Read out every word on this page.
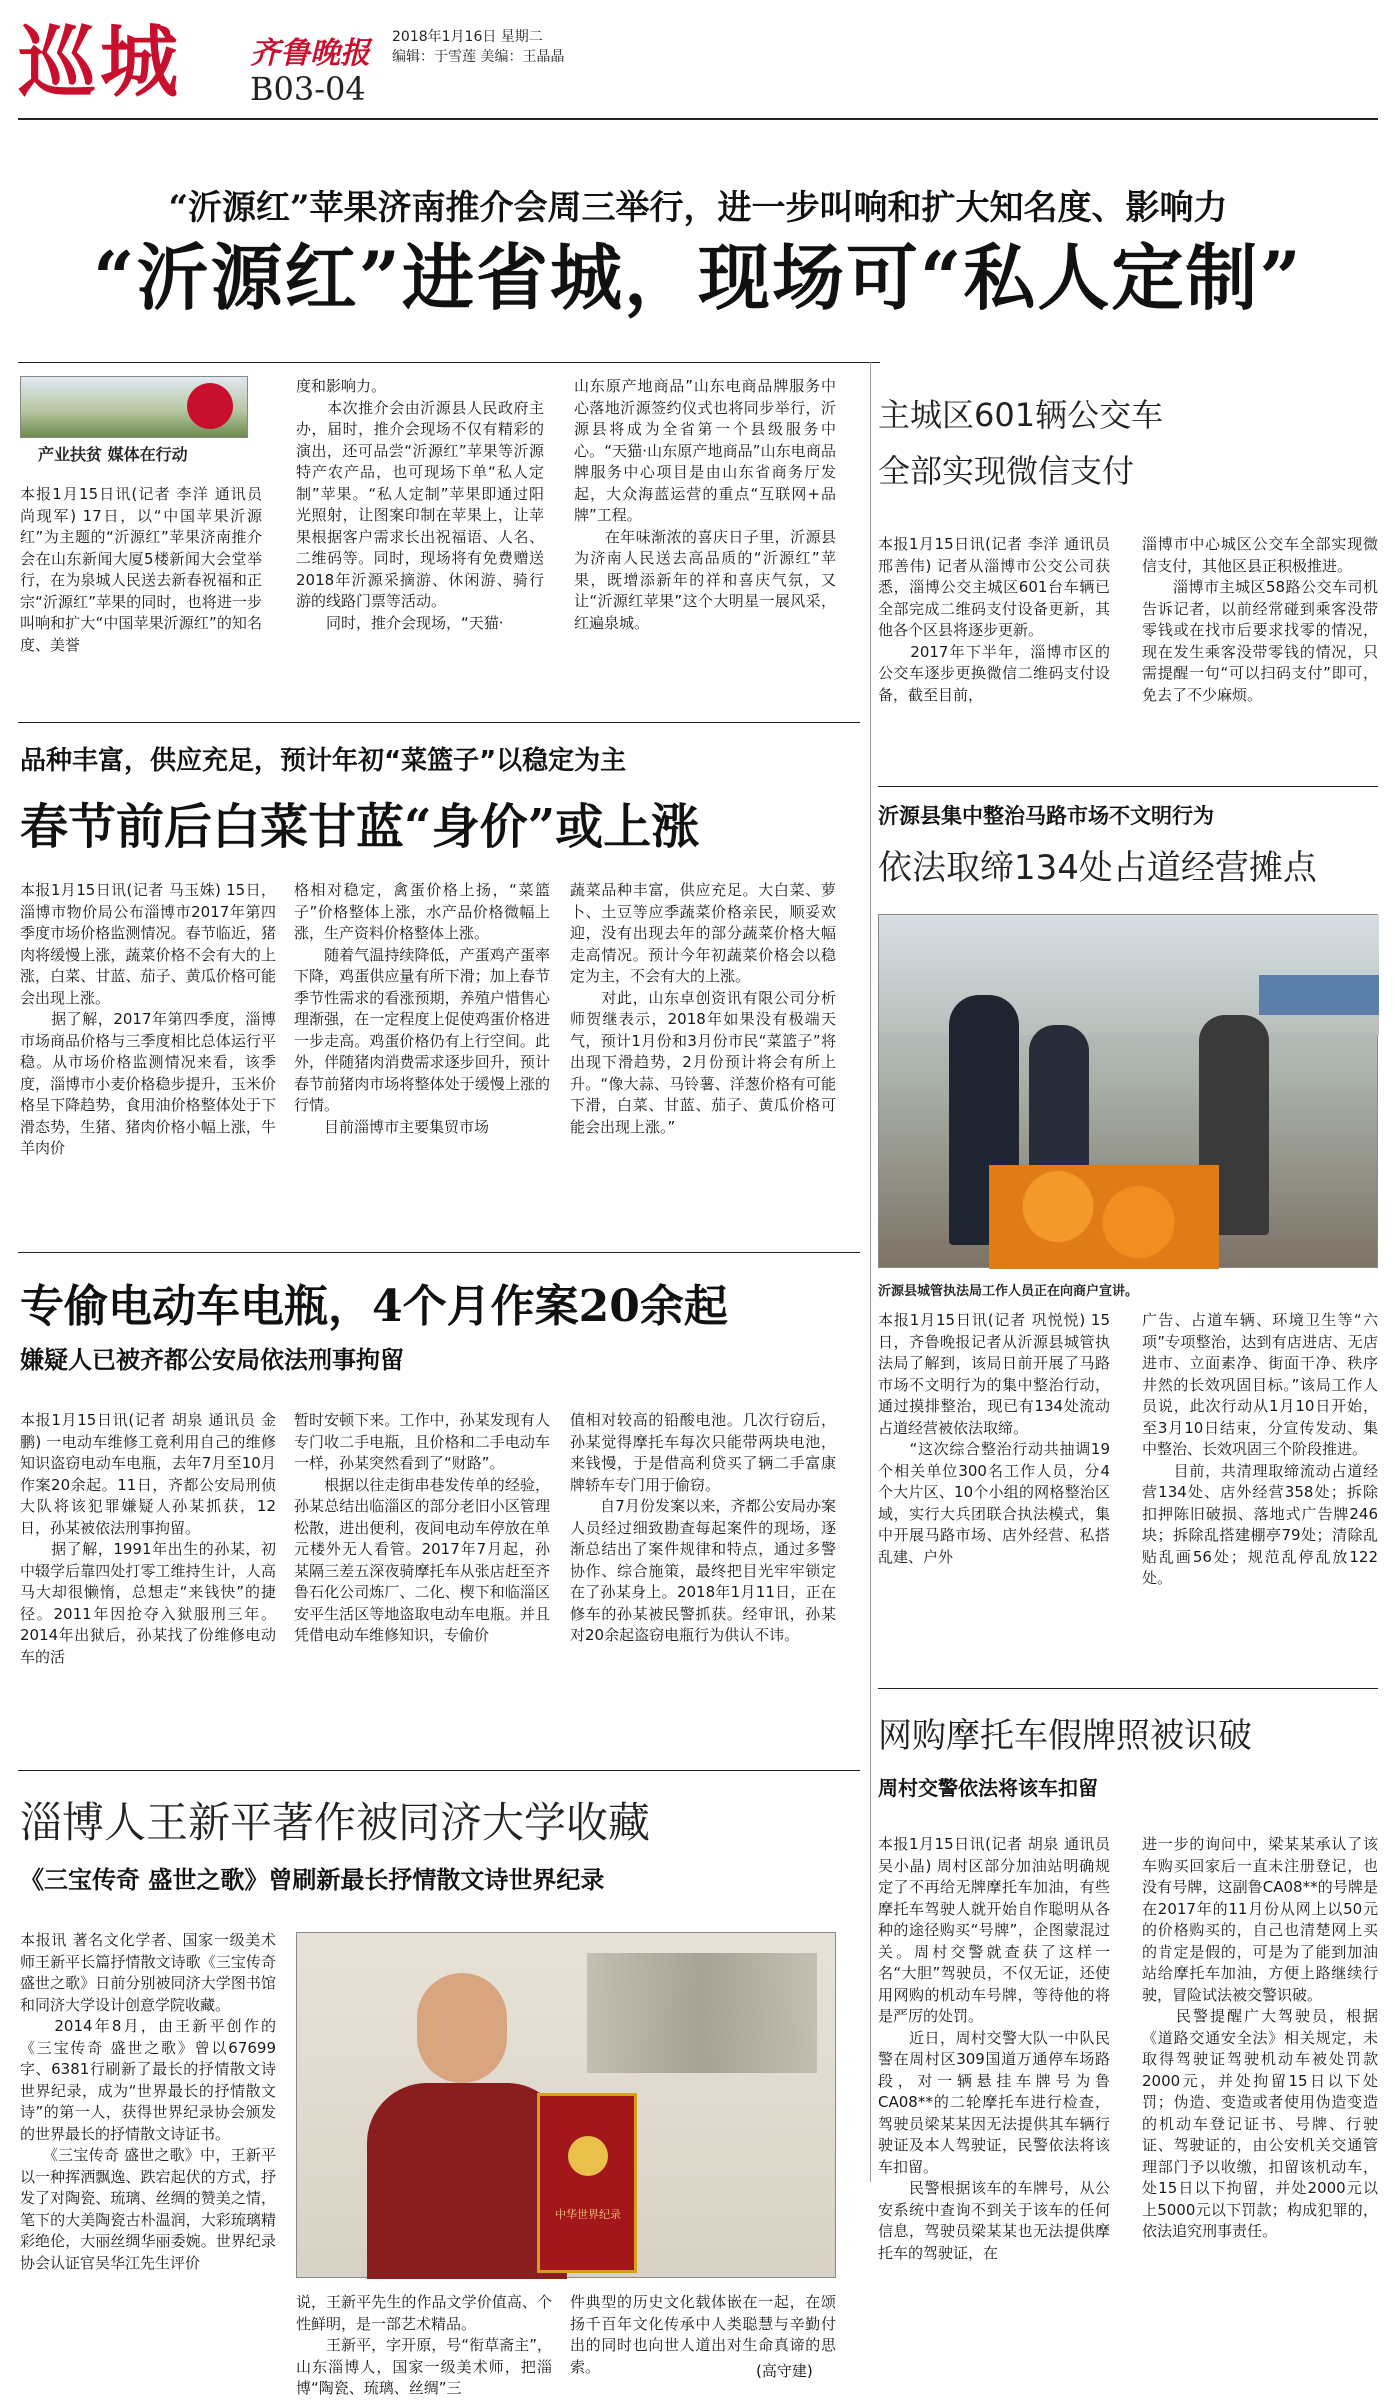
巡城 齐鲁晚报 2018年1月16日 星期二
编辑：于雪莲 美编：王晶晶
B03-04
“沂源红”苹果济南推介会周三举行，进一步叫响和扩大知名度、影响力
“沂源红”进省城，现场可“私人定制”
产业扶贫 媒体在行动
本报1月15日讯(记者 李洋 通讯员 尚现军) 17日，以“中国苹果沂源红”为主题的“沂源红”苹果济南推介会在山东新闻大厦5楼新闻大会堂举行，在为泉城人民送去新春祝福和正宗“沂源红”苹果的同时，也将进一步叫响和扩大“中国苹果沂源红”的知名度、美誉
度和影响力。
　　本次推介会由沂源县人民政府主办，届时，推介会现场不仅有精彩的演出，还可品尝“沂源红”苹果等沂源特产农产品，也可现场下单“私人定制”苹果。“私人定制”苹果即通过阳光照射，让图案印制在苹果上，让苹果根据客户需求长出祝福语、人名、二维码等。同时，现场将有免费赠送2018年沂源采摘游、休闲游、骑行游的线路门票等活动。
　　同时，推介会现场，“天猫·
山东原产地商品”山东电商品牌服务中心落地沂源签约仪式也将同步举行，沂源县将成为全省第一个县级服务中心。“天猫·山东原产地商品”山东电商品牌服务中心项目是由山东省商务厅发起，大众海蓝运营的重点“互联网+品牌”工程。
　　在年味渐浓的喜庆日子里，沂源县为济南人民送去高品质的“沂源红”苹果，既增添新年的祥和喜庆气氛，又让“沂源红苹果”这个大明星一展风采，红遍泉城。
主城区601辆公交车
全部实现微信支付
本报1月15日讯(记者 李洋 通讯员 邢善伟) 记者从淄博市公交公司获悉，淄博公交主城区601台车辆已全部完成二维码支付设备更新，其他各个区县将逐步更新。
　　2017年下半年，淄博市区的公交车逐步更换微信二维码支付设备，截至目前，
淄博市中心城区公交车全部实现微信支付，其他区县正积极推进。
　　淄博市主城区58路公交车司机告诉记者，以前经常碰到乘客没带零钱或在找市后要求找零的情况，现在发生乘客没带零钱的情况，只需提醒一句“可以扫码支付”即可，免去了不少麻烦。
品种丰富，供应充足，预计年初“菜篮子”以稳定为主
春节前后白菜甘蓝“身价”或上涨
本报1月15日讯(记者 马玉姝) 15日，淄博市物价局公布淄博市2017年第四季度市场价格监测情况。春节临近，猪肉将缓慢上涨，蔬菜价格不会有大的上涨，白菜、甘蓝、茄子、黄瓜价格可能会出现上涨。
　　据了解，2017年第四季度，淄博市场商品价格与三季度相比总体运行平稳。从市场价格监测情况来看，该季度，淄博市小麦价格稳步提升，玉米价格呈下降趋势，食用油价格整体处于下滑态势，生猪、猪肉价格小幅上涨，牛羊肉价
格相对稳定，禽蛋价格上扬，“菜篮子”价格整体上涨，水产品价格微幅上涨，生产资料价格整体上涨。
　　随着气温持续降低，产蛋鸡产蛋率下降，鸡蛋供应量有所下滑；加上春节季节性需求的看涨预期，养殖户惜售心理渐强，在一定程度上促使鸡蛋价格进一步走高。鸡蛋价格仍有上行空间。此外，伴随猪肉消费需求逐步回升，预计春节前猪肉市场将整体处于缓慢上涨的行情。
　　目前淄博市主要集贸市场
蔬菜品种丰富，供应充足。大白菜、萝卜、土豆等应季蔬菜价格亲民，顺妥欢迎，没有出现去年的部分蔬菜价格大幅走高情况。预计今年初蔬菜价格会以稳定为主，不会有大的上涨。
　　对此，山东卓创资讯有限公司分析师贺继表示，2018年如果没有极端天气，预计1月份和3月份市民“菜篮子”将出现下滑趋势，2月份预计将会有所上升。“像大蒜、马铃薯、洋葱价格有可能下滑，白菜、甘蓝、茄子、黄瓜价格可能会出现上涨。”
沂源县集中整治马路市场不文明行为
依法取缔134处占道经营摊点
沂源县城管执法局工作人员正在向商户宣讲。
本报1月15日讯(记者 巩悦悦) 15日，齐鲁晚报记者从沂源县城管执法局了解到，该局日前开展了马路市场不文明行为的集中整治行动，通过摸排整治，现已有134处流动占道经营被依法取缔。
　　“这次综合整治行动共抽调19个相关单位300名工作人员，分4个大片区、10个小组的网格整治区域，实行大兵团联合执法模式，集中开展马路市场、店外经营、私搭乱建、户外
广告、占道车辆、环境卫生等“六项”专项整治，达到有店进店、无店进市、立面素净、街面干净、秩序井然的长效巩固目标。”该局工作人员说，此次行动从1月10日开始，至3月10日结束，分宣传发动、集中整治、长效巩固三个阶段推进。
　　目前，共清理取缔流动占道经营134处、店外经营358处；拆除扣押陈旧破损、落地式广告牌246块；拆除乱搭建棚亭79处；清除乱贴乱画56处；规范乱停乱放122处。
专偷电动车电瓶，4个月作案20余起
嫌疑人已被齐都公安局依法刑事拘留
本报1月15日讯(记者 胡泉 通讯员 金鹏) 一电动车维修工竟利用自己的维修知识盗窃电动车电瓶，去年7月至10月作案20余起。11日，齐都公安局刑侦大队将该犯罪嫌疑人孙某抓获，12日，孙某被依法刑事拘留。
　　据了解，1991年出生的孙某，初中辍学后靠四处打零工维持生计，人高马大却很懒惰，总想走“来钱快”的捷径。2011年因抢夺入狱服刑三年。2014年出狱后，孙某找了份维修电动车的活
暂时安顿下来。工作中，孙某发现有人专门收二手电瓶，且价格和二手电动车一样，孙某突然看到了“财路”。
　　根据以往走街串巷发传单的经验，孙某总结出临淄区的部分老旧小区管理松散，进出便利，夜间电动车停放在单元楼外无人看管。2017年7月起，孙某隔三差五深夜骑摩托车从张店赶至齐鲁石化公司炼厂、二化、楔下和临淄区安平生活区等地盗取电动车电瓶。并且凭借电动车维修知识，专偷价
值相对较高的铅酸电池。几次行窃后，孙某觉得摩托车每次只能带两块电池，来钱慢，于是借高利贷买了辆二手富康牌轿车专门用于偷窃。
　　自7月份发案以来，齐都公安局办案人员经过细致勘查每起案件的现场，逐渐总结出了案件规律和特点，通过多警协作、综合施策，最终把目光牢牢锁定在了孙某身上。2018年1月11日，正在修车的孙某被民警抓获。经审讯，孙某对20余起盗窃电瓶行为供认不讳。
网购摩托车假牌照被识破
周村交警依法将该车扣留
本报1月15日讯(记者 胡泉 通讯员 吴小晶) 周村区部分加油站明确规定了不再给无牌摩托车加油，有些摩托车驾驶人就开始自作聪明从各种的途径购买“号牌”，企图蒙混过关。周村交警就查获了这样一名“大胆”驾驶员，不仅无证，还使用网购的机动车号牌，等待他的将是严厉的处罚。
　　近日，周村交警大队一中队民警在周村区309国道万通停车场路段，对一辆悬挂车牌号为鲁CA08**的二轮摩托车进行检查，驾驶员梁某某因无法提供其车辆行驶证及本人驾驶证，民警依法将该车扣留。
　　民警根据该车的车牌号，从公安系统中查询不到关于该车的任何信息，驾驶员梁某某也无法提供摩托车的驾驶证，在
进一步的询问中，梁某某承认了该车购买回家后一直未注册登记，也没有号牌，这副鲁CA08**的号牌是在2017年的11月份从网上以50元的价格购买的，自己也清楚网上买的肯定是假的，可是为了能到加油站给摩托车加油，方便上路继续行驶，冒险试法被交警识破。
　　民警提醒广大驾驶员，根据《道路交通安全法》相关规定，未取得驾驶证驾驶机动车被处罚款2000元，并处拘留15日以下处罚；伪造、变造或者使用伪造变造的机动车登记证书、号牌、行驶证、驾驶证的，由公安机关交通管理部门予以收缴，扣留该机动车，处15日以下拘留，并处2000元以上5000元以下罚款；构成犯罪的，依法追究刑事责任。
淄博人王新平著作被同济大学收藏
《三宝传奇 盛世之歌》曾刷新最长抒情散文诗世界纪录
本报讯 著名文化学者、国家一级美术师王新平长篇抒情散文诗歌《三宝传奇 盛世之歌》日前分别被同济大学图书馆和同济大学设计创意学院收藏。
　　2014年8月，由王新平创作的《三宝传奇 盛世之歌》曾以67699字、6381行刷新了最长的抒情散文诗世界纪录，成为“世界最长的抒情散文诗”的第一人，获得世界纪录协会颁发的世界最长的抒情散文诗证书。
　　《三宝传奇 盛世之歌》中，王新平以一种挥洒飘逸、跌宕起伏的方式，抒发了对陶瓷、琉璃、丝绸的赞美之情，笔下的大美陶瓷古朴温润，大彩琉璃精彩绝伦，大丽丝绸华丽委婉。世界纪录协会认证官吴华江先生评价
中华世界纪录
说，王新平先生的作品文学价值高、个性鲜明，是一部艺术精品。
　　王新平，字开原，号“衔草斋主”，山东淄博人，国家一级美术师，把淄博“陶瓷、琉璃、丝绸”三
件典型的历史文化载体嵌在一起，在颂扬千百年文化传承中人类聪慧与辛勤付出的同时也向世人道出对生命真谛的思索。	(高守建)
